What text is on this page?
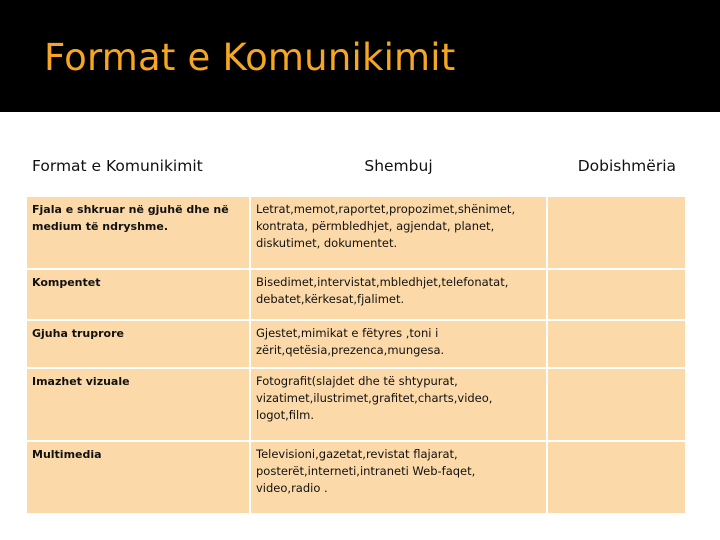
Format e Komunikimit
Format e Komunikimit	Shembuj	Dobishmëria
Fjala e shkruar në gjuhë dhe në medium të ndryshme.	Letrat,memot,raportet,propozimet,shënimet, kontrata, përmbledhjet, agjendat, planet, diskutimet, dokumentet.	
Kompentet	Bisedimet,intervistat,mbledhjet,telefonatat, debatet,kërkesat,fjalimet.	
Gjuha truprore	Gjestet,mimikat e fëtyres ,toni i zërit,qetësia,prezenca,mungesa.	
Imazhet vizuale	Fotografit(slajdet dhe të shtypurat, vizatimet,ilustrimet,grafitet,charts,video, logot,film.	
Multimedia	Televisioni,gazetat,revistat flajarat, posterët,interneti,intraneti Web-faqet, video,radio .	
